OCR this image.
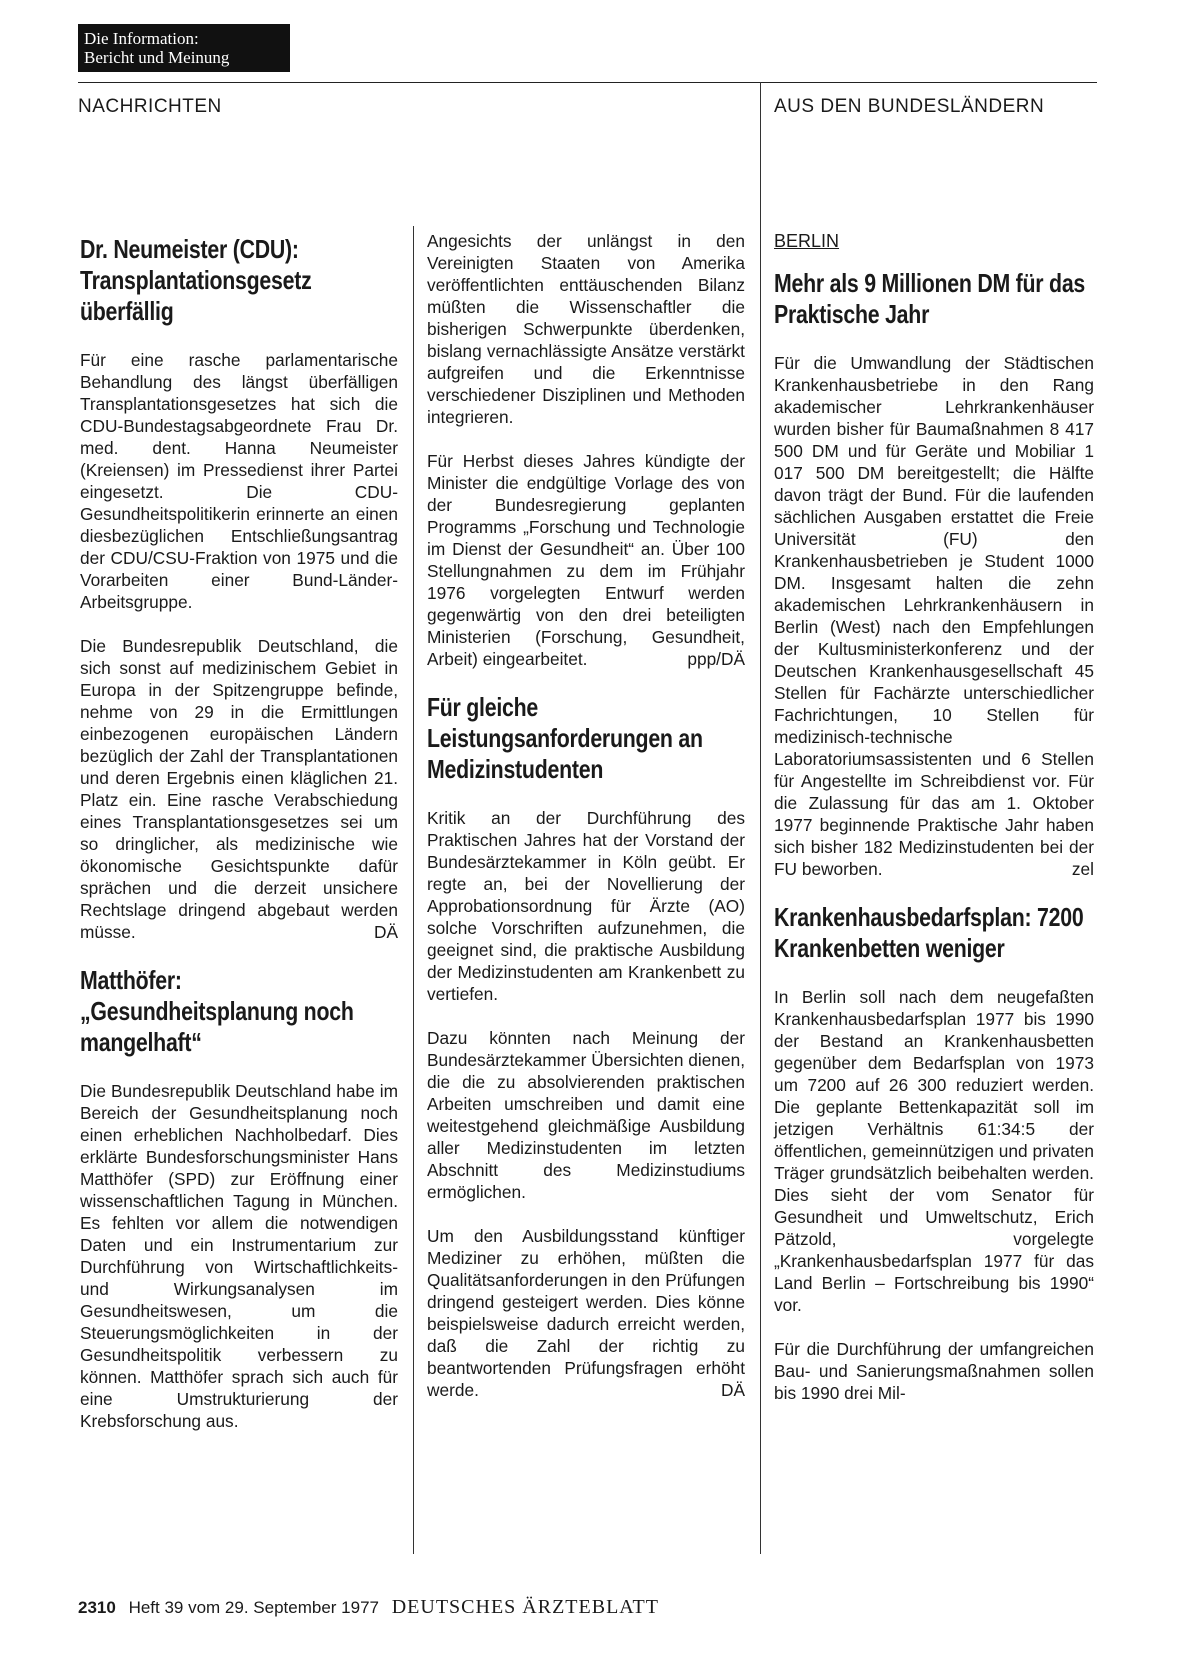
Die Information:
Bericht und Meinung
NACHRICHTEN	AUS DEN BUNDESLÄNDERN
Dr. Neumeister (CDU): Transplantationsgesetz überfällig

Für eine rasche parlamentarische Behandlung des längst überfälligen Transplantationsgesetzes hat sich die CDU-Bundestagsabgeordnete Frau Dr. med. dent. Hanna Neumeister (Kreiensen) im Pressedienst ihrer Partei eingesetzt. Die CDU-Gesundheitspolitikerin erinnerte an einen diesbezüglichen Entschließungsantrag der CDU/CSU-Fraktion von 1975 und die Vorarbeiten einer Bund-Länder-Arbeitsgruppe.

Die Bundesrepublik Deutschland, die sich sonst auf medizinischem Gebiet in Europa in der Spitzengruppe befinde, nehme von 29 in die Ermittlungen einbezogenen europäischen Ländern bezüglich der Zahl der Transplantationen und deren Ergebnis einen kläglichen 21. Platz ein. Eine rasche Verabschiedung eines Transplantationsgesetzes sei um so dringlicher, als medizinische wie ökonomische Gesichtspunkte dafür sprächen und die derzeit unsichere Rechtslage dringend abgebaut werden müsse.	DÄ

Matthöfer: „Gesundheitsplanung noch mangelhaft“

Die Bundesrepublik Deutschland habe im Bereich der Gesundheitsplanung noch einen erheblichen Nachholbedarf. Dies erklärte Bundesforschungsminister Hans Matthöfer (SPD) zur Eröffnung einer wissenschaftlichen Tagung in München. Es fehlten vor allem die notwendigen Daten und ein Instrumentarium zur Durchführung von Wirtschaftlichkeits- und Wirkungsanalysen im Gesundheitswesen, um die Steuerungsmöglichkeiten in der Gesundheitspolitik verbessern zu können. Matthöfer sprach sich auch für eine Umstrukturierung der Krebsforschung aus.

Angesichts der unlängst in den Vereinigten Staaten von Amerika veröffentlichten enttäuschenden Bilanz müßten die Wissenschaftler die bisherigen Schwerpunkte überdenken, bislang vernachlässigte Ansätze verstärkt aufgreifen und die Erkenntnisse verschiedener Disziplinen und Methoden integrieren.

Für Herbst dieses Jahres kündigte der Minister die endgültige Vorlage des von der Bundesregierung geplanten Programms „Forschung und Technologie im Dienst der Gesundheit“ an. Über 100 Stellungnahmen zu dem im Frühjahr 1976 vorgelegten Entwurf werden gegenwärtig von den drei beteiligten Ministerien (Forschung, Gesundheit, Arbeit) eingearbeitet.	ppp/DÄ

Für gleiche Leistungsanforderungen an Medizinstudenten

Kritik an der Durchführung des Praktischen Jahres hat der Vorstand der Bundesärztekammer in Köln geübt. Er regte an, bei der Novellierung der Approbationsordnung für Ärzte (AO) solche Vorschriften aufzunehmen, die geeignet sind, die praktische Ausbildung der Medizinstudenten am Krankenbett zu vertiefen.

Dazu könnten nach Meinung der Bundesärztekammer Übersichten dienen, die die zu absolvierenden praktischen Arbeiten umschreiben und damit eine weitestgehend gleichmäßige Ausbildung aller Medizinstudenten im letzten Abschnitt des Medizinstudiums ermöglichen.

Um den Ausbildungsstand künftiger Mediziner zu erhöhen, müßten die Qualitätsanforderungen in den Prüfungen dringend gesteigert werden. Dies könne beispielsweise dadurch erreicht werden, daß die Zahl der richtig zu beantwortenden Prüfungsfragen erhöht werde.	DÄ

BERLIN
Mehr als 9 Millionen DM für das Praktische Jahr

Für die Umwandlung der Städtischen Krankenhausbetriebe in den Rang akademischer Lehrkrankenhäuser wurden bisher für Baumaßnahmen 8 417 500 DM und für Geräte und Mobiliar 1 017 500 DM bereitgestellt; die Hälfte davon trägt der Bund. Für die laufenden sächlichen Ausgaben erstattet die Freie Universität (FU) den Krankenhausbetrieben je Student 1000 DM. Insgesamt halten die zehn akademischen Lehrkrankenhäusern in Berlin (West) nach den Empfehlungen der Kultusministerkonferenz und der Deutschen Krankenhausgesellschaft 45 Stellen für Fachärzte unterschiedlicher Fachrichtungen, 10 Stellen für medizinisch-technische Laboratoriumsassistenten und 6 Stellen für Angestellte im Schreibdienst vor. Für die Zulassung für das am 1. Oktober 1977 beginnende Praktische Jahr haben sich bisher 182 Medizinstudenten bei der FU beworben.	zel

Krankenhausbedarfsplan: 7200 Krankenbetten weniger

In Berlin soll nach dem neugefaßten Krankenhausbedarfsplan 1977 bis 1990 der Bestand an Krankenhausbetten gegenüber dem Bedarfsplan von 1973 um 7200 auf 26 300 reduziert werden. Die geplante Bettenkapazität soll im jetzigen Verhältnis 61:34:5 der öffentlichen, gemeinnützigen und privaten Träger grundsätzlich beibehalten werden. Dies sieht der vom Senator für Gesundheit und Umweltschutz, Erich Pätzold, vorgelegte „Krankenhausbedarfsplan 1977 für das Land Berlin – Fortschreibung bis 1990“ vor.

Für die Durchführung der umfangreichen Bau- und Sanierungsmaßnahmen sollen bis 1990 drei Mil-

2310 Heft 39 vom 29. September 1977 DEUTSCHES ÄRZTEBLATT
